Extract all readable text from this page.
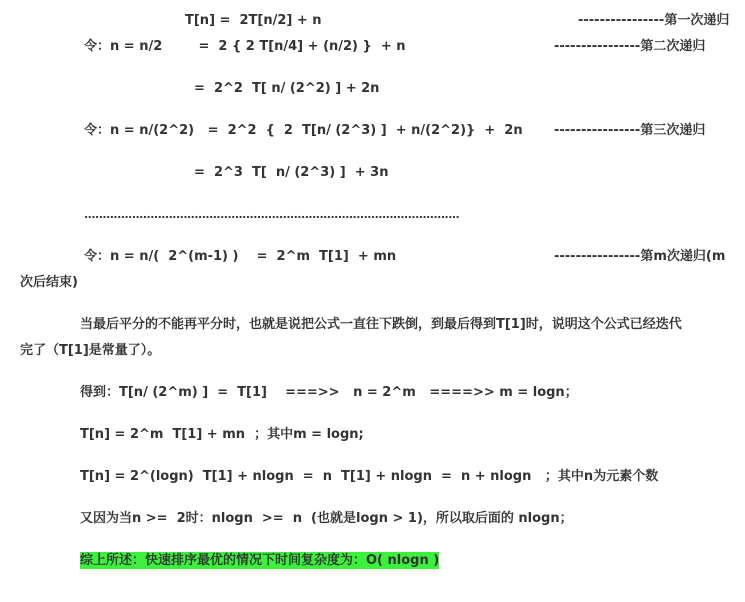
T[n] =  2T[n/2] + n	----------------第一次递归
令：n = n/2        =  2 { 2 T[n/4] + (n/2) }  + n	----------------第二次递归
=  2^2  T[ n/ (2^2) ] + 2n
令：n = n/(2^2)   =  2^2  {  2  T[n/ (2^3) ]  + n/(2^2)}  +  2n ----------------第三次递归
=  2^3  T[  n/ (2^3) ]  + 3n
......................................................................................................
令：n = n/(  2^(m-1) )    =  2^m  T[1]  + mn	----------------第m次递归(m
次后结束)
当最后平分的不能再平分时，也就是说把公式一直往下跌倒，到最后得到T[1]时，说明这个公式已经迭代
完了（T[1]是常量了）。
得到：T[n/ (2^m) ]  =  T[1]    ===>>   n = 2^m   ====>> m = logn；
T[n] = 2^m  T[1] + mn  ；其中m = logn;
T[n] = 2^(logn)  T[1] + nlogn  =  n  T[1] + nlogn  =  n + nlogn   ；其中n为元素个数
又因为当n >=  2时：nlogn  >=  n  (也就是logn > 1)，所以取后面的 nlogn；
综上所述：快速排序最优的情况下时间复杂度为：O( nlogn )
